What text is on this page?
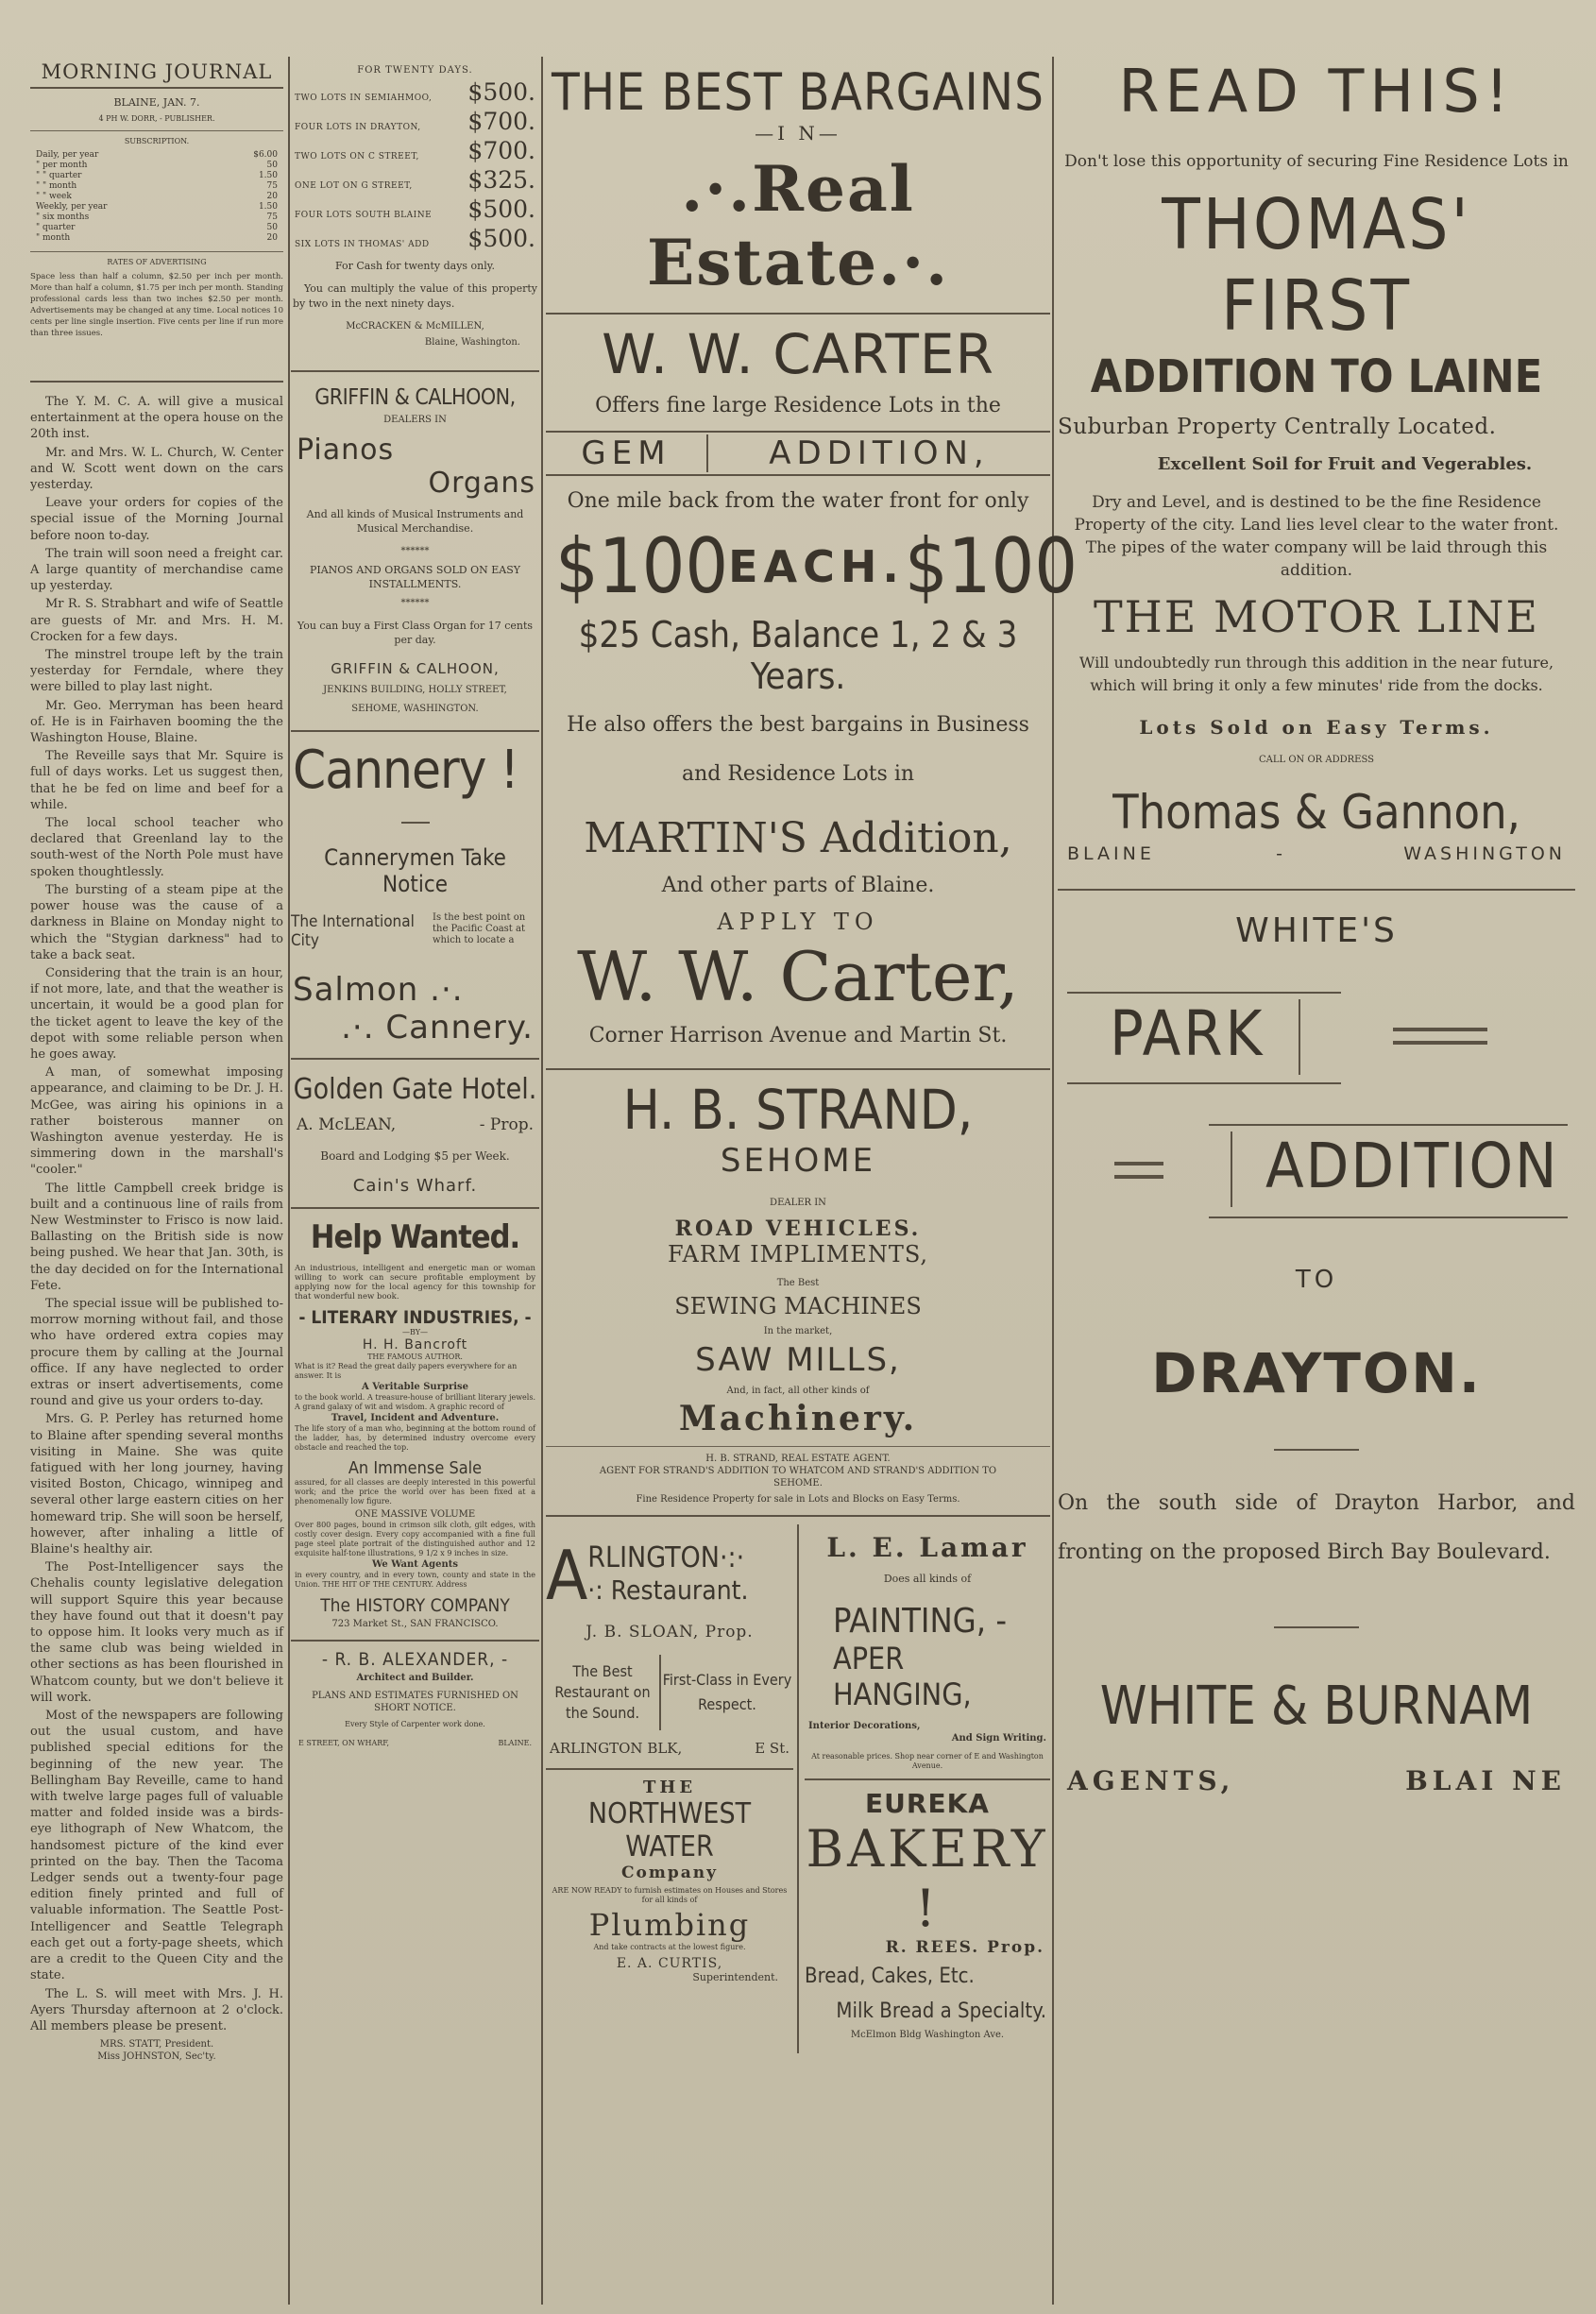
MORNING JOURNAL
BLAINE, JAN. 7.
4 PH W. DORR, - PUBLISHER.
SUBSCRIPTION.
Daily, per year	$6.00
" per month	50
" " quarter	1.50
" " month	75
" " week	20
Weekly, per year	1.50
" six months	75
" quarter	50
" month	20
RATES OF ADVERTISING
Space less than half a column, $2.50 per inch per month. More than half a column, $1.75 per inch per month. Standing professional cards less than two inches $2.50 per month. Advertisements may be changed at any time. Local notices 10 cents per line single insertion. Five cents per line if run more than three issues.

The Y. M. C. A. will give a musical entertainment at the opera house on the 20th inst.

Mr. and Mrs. W. L. Church, W. Center and W. Scott went down on the cars yesterday.

Leave your orders for copies of the special issue of the Morning Journal before noon to-day.

The train will soon need a freight car. A large quantity of merchandise came up yesterday.

Mr R. S. Strabhart and wife of Seattle are guests of Mr. and Mrs. H. M. Crocken for a few days.

The minstrel troupe left by the train yesterday for Ferndale, where they were billed to play last night.

Mr. Geo. Merryman has been heard of. He is in Fairhaven booming the the Washington House, Blaine.

The Reveille says that Mr. Squire is full of days works. Let us suggest then, that he be fed on lime and beef for a while.

The local school teacher who declared that Greenland lay to the south-west of the North Pole must have spoken thoughtlessly.

The bursting of a steam pipe at the power house was the cause of a darkness in Blaine on Monday night to which the "Stygian darkness" had to take a back seat.

Considering that the train is an hour, if not more, late, and that the weather is uncertain, it would be a good plan for the ticket agent to leave the key of the depot with some reliable person when he goes away.

A man, of somewhat imposing appearance, and claiming to be Dr. J. H. McGee, was airing his opinions in a rather boisterous manner on Washington avenue yesterday. He is simmering down in the marshall's "cooler."

The little Campbell creek bridge is built and a continuous line of rails from New Westminster to Frisco is now laid. Ballasting on the British side is now being pushed. We hear that Jan. 30th, is the day decided on for the International Fete.

The special issue will be published to-morrow morning without fail, and those who have ordered extra copies may procure them by calling at the Journal office. If any have neglected to order extras or insert advertisements, come round and give us your orders to-day.

Mrs. G. P. Perley has returned home to Blaine after spending several months visiting in Maine. She was quite fatigued with her long journey, having visited Boston, Chicago, winnipeg and several other large eastern cities on her homeward trip. She will soon be herself, however, after inhaling a little of Blaine's healthy air.

The Post-Intelligencer says the Chehalis county legislative delegation will support Squire this year because they have found out that it doesn't pay to oppose him. It looks very much as if the same club was being wielded in other sections as has been flourished in Whatcom county, but we don't believe it will work.

Most of the newspapers are following out the usual custom, and have published special editions for the beginning of the new year. The Bellingham Bay Reveille, came to hand with twelve large pages full of valuable matter and folded inside was a birds-eye lithograph of New Whatcom, the handsomest picture of the kind ever printed on the bay. Then the Tacoma Ledger sends out a twenty-four page edition finely printed and full of valuable information. The Seattle Post-Intelligencer and Seattle Telegraph each get out a forty-page sheets, which are a credit to the Queen City and the state.

The L. S. will meet with Mrs. J. H. Ayers Thursday afternoon at 2 o'clock. All members please be present.

MRS. STATT, President.
Miss JOHNSTON, Sec'ty.
FOR TWENTY DAYS.
TWO LOTS IN SEMIAHMOO, $500.
FOUR LOTS IN DRAYTON, $700.
TWO LOTS ON C STREET, $700.
ONE LOT ON G STREET, $325.
FOUR LOTS SOUTH BLAINE $500.
SIX LOTS IN THOMAS' ADD $500.
For Cash for twenty days only.
You can multiply the value of this property by two in the next ninety days.
McCRACKEN & McMILLEN,
Blaine, Washington.
GRIFFIN & CALHOON,
DEALERS IN
Pianos
Organs
And all kinds of Musical Instruments and Musical Merchandise.
******
PIANOS AND ORGANS SOLD ON EASY INSTALLMENTS.
******
You can buy a First Class Organ for 17 cents per day.
GRIFFIN & CALHOON,
JENKINS BUILDING, HOLLY STREET, SEHOME, WASHINGTON.
Cannery !
Cannerymen Take Notice
The International City
Is the best point on the Pacific Coast at which to locate a
Salmon .·.
.·. Cannery.
Golden Gate Hotel.
A. McLEAN,	- Prop.
Board and Lodging $5 per Week.
Cain's Wharf.
Help Wanted.
An industrious, intelligent and energetic man or woman willing to work can secure profitable employment by applying now for the local agency for this township for that wonderful new book.
- LITERARY INDUSTRIES, -
—BY—
H. H. Bancroft
THE FAMOUS AUTHOR.
What is it? Read the great daily papers everywhere for an answer. It is
A Veritable Surprise
to the book world. A treasure-house of brilliant literary jewels. A grand galaxy of wit and wisdom. A graphic record of
Travel, Incident and Adventure.
The life story of a man who, beginning at the bottom round of the ladder, has, by determined industry overcome every obstacle and reached the top.
An Immense Sale
assured, for all classes are deeply interested in this powerful work; and the price the world over has been fixed at a phenomenally low figure.
ONE MASSIVE VOLUME
Over 800 pages, bound in crimson silk cloth, gilt edges, with costly cover design. Every copy accompanied with a fine full page steel plate portrait of the distinguished author and 12 exquisite half-tone illustrations, 9 1/2 x 9 inches in size.
We Want Agents
in every country, and in every town, county and state in the Union. THE HIT OF THE CENTURY. Address
The HISTORY COMPANY
723 Market St., SAN FRANCISCO.
- R. B. ALEXANDER, -
Architect and Builder.
PLANS AND ESTIMATES FURNISHED ON SHORT NOTICE.
Every Style of Carpenter work done.
E STREET, ON WHARF,	BLAINE.
THE BEST BARGAINS
—I N—
.·.Real Estate.·.
W. W. CARTER
Offers fine large Residence Lots in the
GEM	ADDITION,
One mile back from the water front for only
$100 EACH. $100
$25 Cash, Balance 1, 2 & 3 Years.
He also offers the best bargains in Business and Residence Lots in
MARTIN'S Addition,
And other parts of Blaine.
APPLY TO
W. W. Carter,
Corner Harrison Avenue and Martin St.
H. B. STRAND,
SEHOME
DEALER IN
ROAD VEHICLES.
FARM IMPLIMENTS,
The Best
SEWING MACHINES
In the market,
SAW MILLS,
And, in fact, all other kinds of
Machinery.
H. B. STRAND, REAL ESTATE AGENT.
AGENT FOR STRAND'S ADDITION TO WHATCOM AND STRAND'S ADDITION TO SEHOME.
Fine Residence Property for sale in Lots and Blocks on Easy Terms.
A RLINGTON·:·
·: Restaurant.
J. B. SLOAN, Prop.
The Best Restaurant on the Sound.
First-Class in Every Respect.
ARLINGTON BLK,	E St.
THE
NORTHWEST WATER
Company
ARE NOW READY to furnish estimates on Houses and Stores for all kinds of
Plumbing
And take contracts at the lowest figure.
E. A. CURTIS,
Superintendent.
L. E. Lamar
Does all kinds of
PAINTING, -
APER HANGING,
Interior Decorations,
And Sign Writing.
At reasonable prices. Shop near corner of E and Washington Avenue.
EUREKA
BAKERY !
R. REES. Prop.
Bread, Cakes, Etc.
Milk Bread a Specialty.
McElmon Bldg Washington Ave.
READ THIS!
Don't lose this opportunity of securing Fine Residence Lots in
THOMAS' FIRST
ADDITION TO LAINE
Suburban Property Centrally Located.
Excellent Soil for Fruit and Vegerables.
Dry and Level, and is destined to be the fine Residence Property of the city. Land lies level clear to the water front. The pipes of the water company will be laid through this addition.
THE MOTOR LINE
Will undoubtedly run through this addition in the near future, which will bring it only a few minutes' ride from the docks.
Lots Sold on Easy Terms.
CALL ON OR ADDRESS
Thomas & Gannon,
BLAINE	-	WASHINGTON
WHITE'S
PARK
ADDITION
TO
DRAYTON.
On the south side of Drayton Harbor, and fronting on the proposed Birch Bay Boulevard.
WHITE & BURNAM
AGENTS,	BLAI NE
